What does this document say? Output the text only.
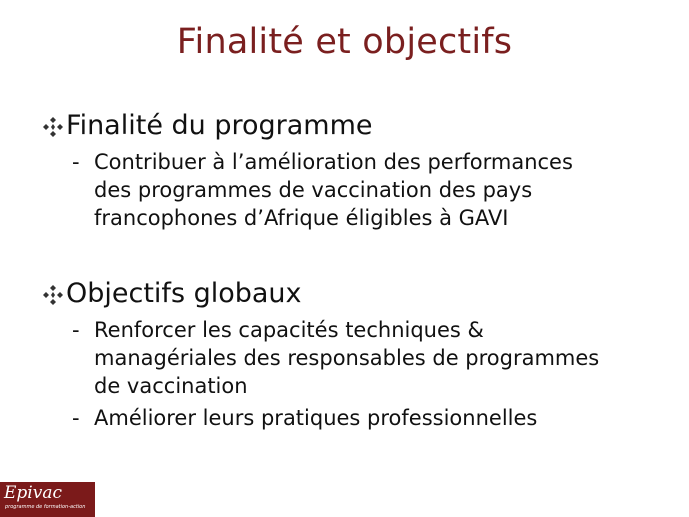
Finalité et objectifs
Finalité du programme
- Contribuer à l’amélioration des performances
des programmes de vaccination des pays
francophones d’Afrique éligibles à GAVI
Objectifs globaux
- Renforcer les capacités techniques &
managériales des responsables de programmes
de vaccination
- Améliorer leurs pratiques professionnelles
Epivac
programme de formation-action
